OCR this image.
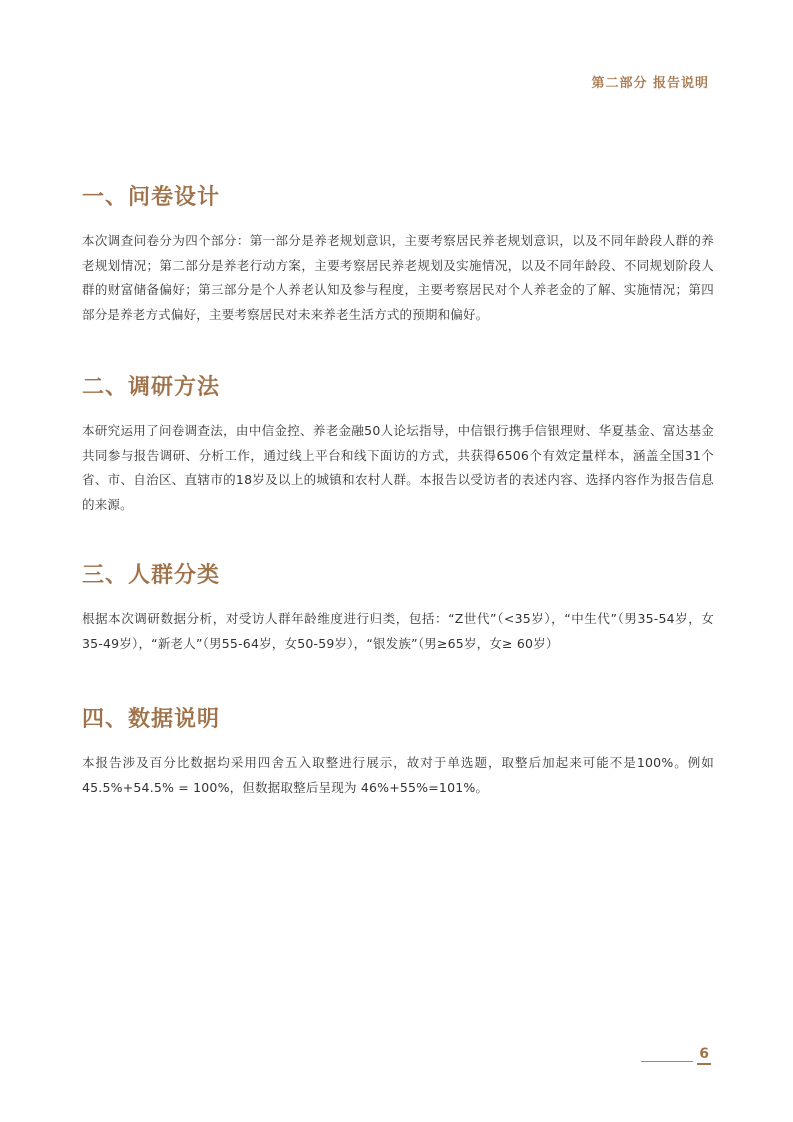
第二部分 报告说明
一、问卷设计

本次调查问卷分为四个部分：第一部分是养老规划意识，主要考察居民养老规划意识，以及不同年龄段人群的养老规划情况；第二部分是养老行动方案，主要考察居民养老规划及实施情况，以及不同年龄段、不同规划阶段人群的财富储备偏好；第三部分是个人养老认知及参与程度，主要考察居民对个人养老金的了解、实施情况；第四部分是养老方式偏好，主要考察居民对未来养老生活方式的预期和偏好。

二、调研方法

本研究运用了问卷调查法，由中信金控、养老金融50人论坛指导，中信银行携手信银理财、华夏基金、富达基金共同参与报告调研、分析工作，通过线上平台和线下面访的方式，共获得6506个有效定量样本，涵盖全国31个省、市、自治区、直辖市的18岁及以上的城镇和农村人群。本报告以受访者的表述内容、选择内容作为报告信息的来源。

三、人群分类

根据本次调研数据分析，对受访人群年龄维度进行归类，包括：“Z世代”（<35岁），“中生代”（男35-54岁，女35-49岁），“新老人”（男55-64岁，女50-59岁），“银发族”（男≥65岁，女≥ 60岁）

四、数据说明

本报告涉及百分比数据均采用四舍五入取整进行展示，故对于单选题，取整后加起来可能不是100%。例如45.5%+54.5% = 100%，但数据取整后呈现为 46%+55%=101%。

6
